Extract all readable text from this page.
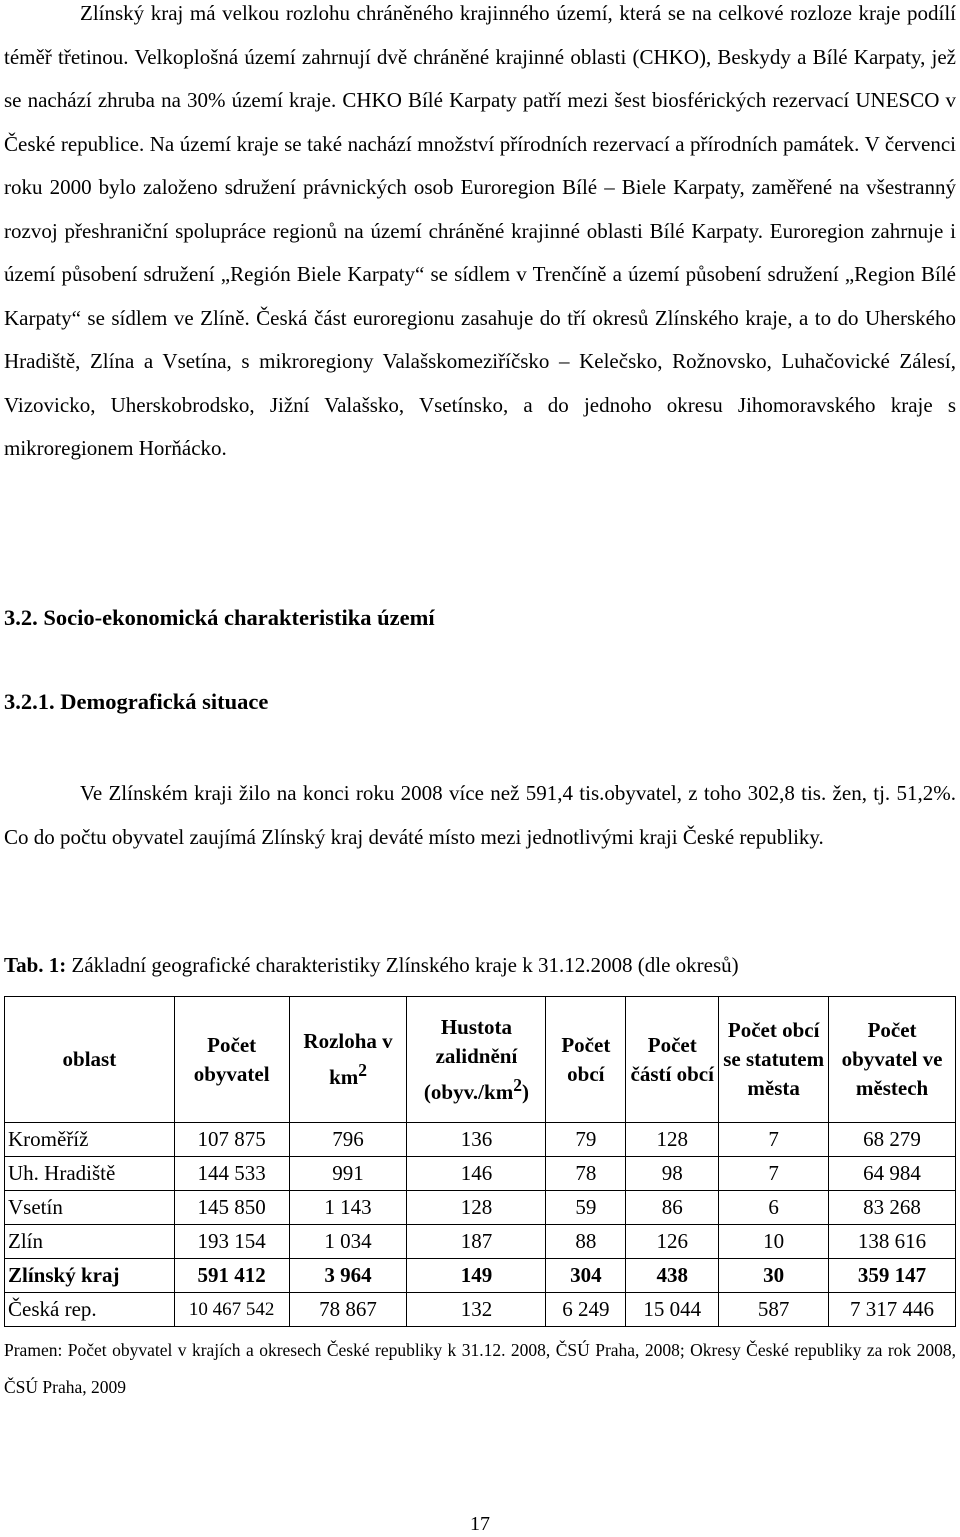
Zlínský kraj má velkou rozlohu chráněného krajinného území, která se na celkové rozloze kraje podílí téměř třetinou. Velkoplošná území zahrnují dvě chráněné krajinné oblasti (CHKO), Beskydy a Bílé Karpaty, jež se nachází zhruba na 30% území kraje. CHKO Bílé Karpaty patří mezi šest biosférických rezervací UNESCO v České republice. Na území kraje se také nachází množství přírodních rezervací a přírodních památek. V červenci roku 2000 bylo založeno sdružení právnických osob Euroregion Bílé – Biele Karpaty, zaměřené na všestranný rozvoj přeshraniční spolupráce regionů na území chráněné krajinné oblasti Bílé Karpaty. Euroregion zahrnuje i území působení sdružení „Región Biele Karpaty“ se sídlem v Trenčíně a území působení sdružení „Region Bílé Karpaty“ se sídlem ve Zlíně. Česká část euroregionu zasahuje do tří okresů Zlínského kraje, a to do Uherského Hradiště, Zlína a Vsetína, s mikroregiony Valašskomeziříčsko – Kelečsko, Rožnovsko, Luhačovické Zálesí, Vizovicko, Uherskobrodsko, Jižní Valašsko, Vsetínsko, a do jednoho okresu Jihomoravského kraje s mikroregionem Horňácko.

3.2. Socio-ekonomická charakteristika území
3.2.1. Demografická situace

Ve Zlínském kraji žilo na konci roku 2008 více než 591,4 tis.obyvatel, z toho 302,8 tis. žen, tj. 51,2%. Co do počtu obyvatel zaujímá Zlínský kraj deváté místo mezi jednotlivými kraji České republiky.

Tab. 1: Základní geografické charakteristiky Zlínského kraje k 31.12.2008 (dle okresů)

oblast	Počet obyvatel	Rozloha v $km^2$	Hustota zalidnění $(obyv./km^2)$	Počet obcí	Počet částí obcí	Počet obcí se statutem města	Počet obyvatel ve městech
Kroměříž	107 875	796	136	79	128	7	68 279
Uh. Hradiště	144 533	991	146	78	98	7	64 984
Vsetín	145 850	1 143	128	59	86	6	83 268
Zlín	193 154	1 034	187	88	126	10	138 616
Zlínský kraj	591 412	3 964	149	304	438	30	359 147
Česká rep.	10 467 542	78 867	132	6 249	15 044	587	7 317 446

Pramen: Počet obyvatel v krajích a okresech České republiky k 31.12. 2008, ČSÚ Praha, 2008; Okresy České republiky za rok 2008, ČSÚ Praha, 2009

17
